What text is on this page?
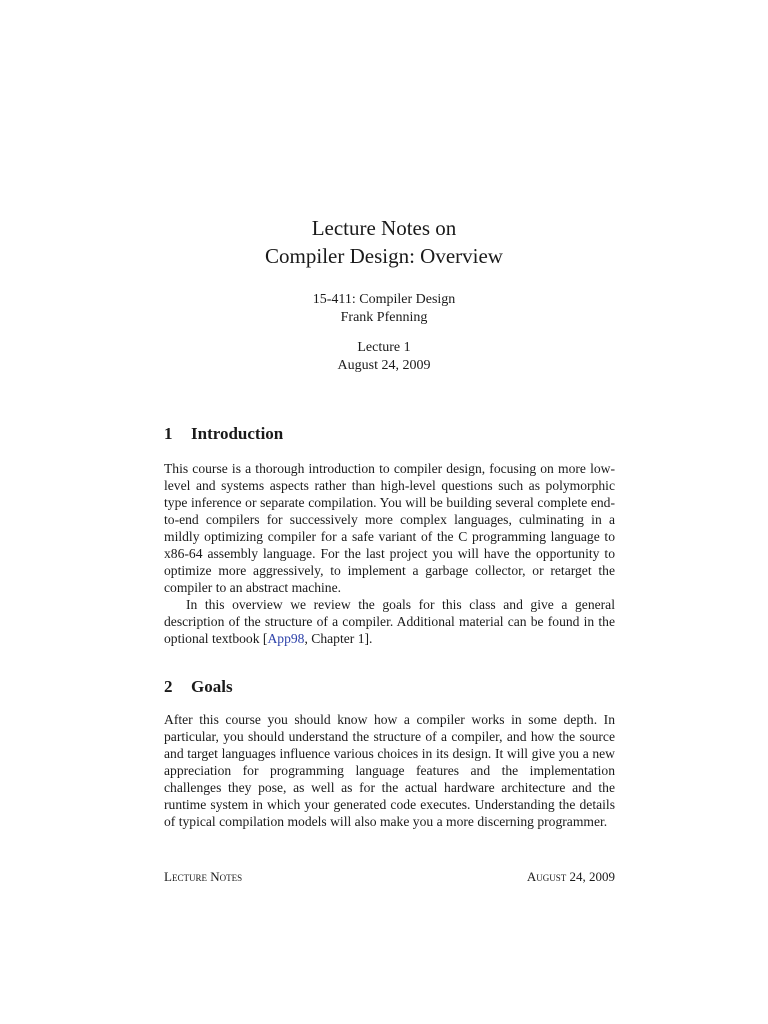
Lecture Notes on

Compiler Design: Overview

15-411: Compiler Design

Frank Pfenning

Lecture 1

August 24, 2009

1 Introduction

This course is a thorough introduction to compiler design, focusing on more low-level and systems aspects rather than high-level questions such as polymorphic type inference or separate compilation. You will be building several complete end-to-end compilers for successively more complex languages, culminating in a mildly optimizing compiler for a safe variant of the C programming language to x86-64 assembly language. For the last project you will have the opportunity to optimize more aggressively, to implement a garbage collector, or retarget the compiler to an abstract machine.

In this overview we review the goals for this class and give a general description of the structure of a compiler. Additional material can be found in the optional textbook [App98, Chapter 1].

2 Goals

After this course you should know how a compiler works in some depth. In particular, you should understand the structure of a compiler, and how the source and target languages influence various choices in its design. It will give you a new appreciation for programming language features and the implementation challenges they pose, as well as for the actual hardware architecture and the runtime system in which your generated code executes. Understanding the details of typical compilation models will also make you a more discerning programmer.

Lecture Notes	August 24, 2009
